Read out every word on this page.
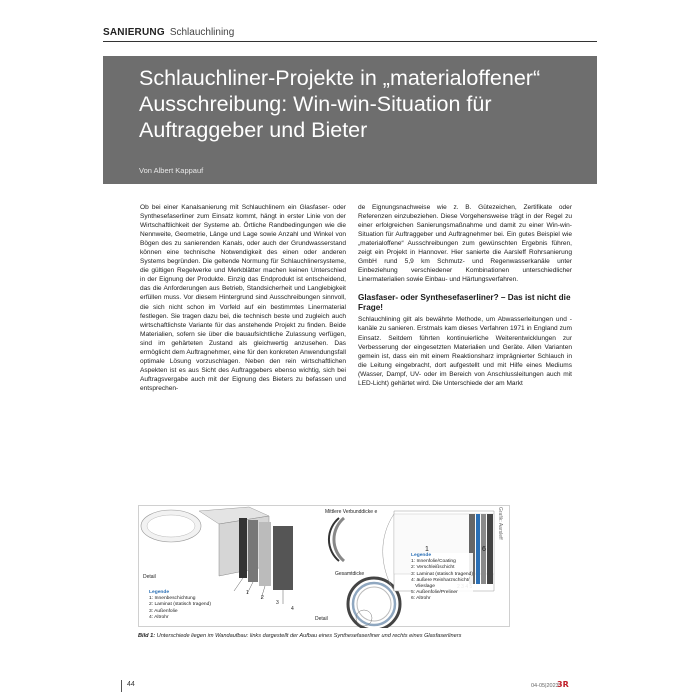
SANIERUNG Schlauchlining
Schlauchliner-Projekte in „materialoffener“ Ausschreibung: Win-win-Situation für Auftraggeber und Bieter
Von Albert Kappauf

Ob bei einer Kanalsanierung mit Schlauchlinern ein Glasfaser- oder Synthesefaserliner zum Einsatz kommt, hängt in erster Linie von der Wirtschaftlichkeit der Systeme ab. Örtliche Randbedingungen wie die Nennweite, Geometrie, Länge und Lage sowie Anzahl und Winkel von Bögen des zu sanierenden Kanals, oder auch der Grundwasserstand können eine technische Notwendigkeit des einen oder anderen Systems begründen. Die geltende Normung für Schlauchlinersysteme, die gültigen Regelwerke und Merkblätter machen keinen Unterschied in der Eignung der Produkte. Einzig das Endprodukt ist entscheidend, das die Anforderungen aus Betrieb, Standsicherheit und Langlebigkeit erfüllen muss. Vor diesem Hintergrund sind Ausschreibungen sinnvoll, die sich nicht schon im Vorfeld auf ein bestimmtes Linermaterial festlegen. Sie tragen dazu bei, die technisch beste und zugleich auch wirtschaftlichste Variante für das anstehende Projekt zu finden. Beide Materialien, sofern sie über die bauaufsichtliche Zulassung verfügen, sind im gehärteten Zustand als gleichwertig anzusehen. Das ermöglicht dem Auftragnehmer, eine für den konkreten Anwendungsfall optimale Lösung vorzuschlagen. Neben den rein wirtschaftlichen Aspekten ist es aus Sicht des Auftraggebers ebenso wichtig, sich bei Auftragsvergabe auch mit der Eignung des Bieters zu befassen und entsprechen-

de Eignungsnachweise wie z. B. Gütezeichen, Zertifikate oder Referenzen einzubeziehen. Diese Vorgehensweise trägt in der Regel zu einer erfolgreichen Sanierungsmaßnahme und damit zu einer Win-win-Situation für Auftraggeber und Auftragnehmer bei. Ein gutes Beispiel wie „materialoffene“ Ausschreibungen zum gewünschten Ergebnis führen, zeigt ein Projekt in Hannover. Hier sanierte die Aarsleff Rohrsanierung GmbH rund 5,9 km Schmutz- und Regenwasserkanäle unter Einbeziehung verschiedener Kombinationen unterschiedlicher Linermaterialien sowie Einbau- und Härtungsverfahren.

Glasfaser- oder Synthesefaserliner? – Das ist nicht die Frage!

Schlauchlining gilt als bewährte Methode, um Abwasserleitungen und -kanäle zu sanieren. Erstmals kam dieses Verfahren 1971 in England zum Einsatz. Seitdem führten kontinuierliche Weiterentwicklungen zur Verbesserung der eingesetzten Materialien und Geräte. Allen Varianten gemein ist, dass ein mit einem Reaktionsharz imprägnierter Schlauch in die Leitung eingebracht, dort aufgestellt und mit Hilfe eines Mediums (Wasser, Dampf, UV- oder im Bereich von Anschlussleitungen auch mit LED-Licht) gehärtet wird. Die Unterschiede der am Markt

Detail
Mittlere Verbunddicke e
Gesamtdicke
Detail
1
2
3
4
1	6
Legende
1: Innenbeschichtung
2: Laminat (statisch tragend)
3: Außenfolie
4: Altrohr
Legende
1: Innenfolie/Coating
2: Verschleißschicht
3: Laminat (statisch tragend)
4: äußere Reinharzschicht/
Vlieslage
5: Außenfolie/Preliner
6: Altrohr
Grafik: Aarsleff
Bild 1: Unterschiede liegen im Wandaufbau: links dargestellt der Aufbau eines Synthesefaserliner und rechts eines Glasfaserliners
44	04-05|2023
3R
